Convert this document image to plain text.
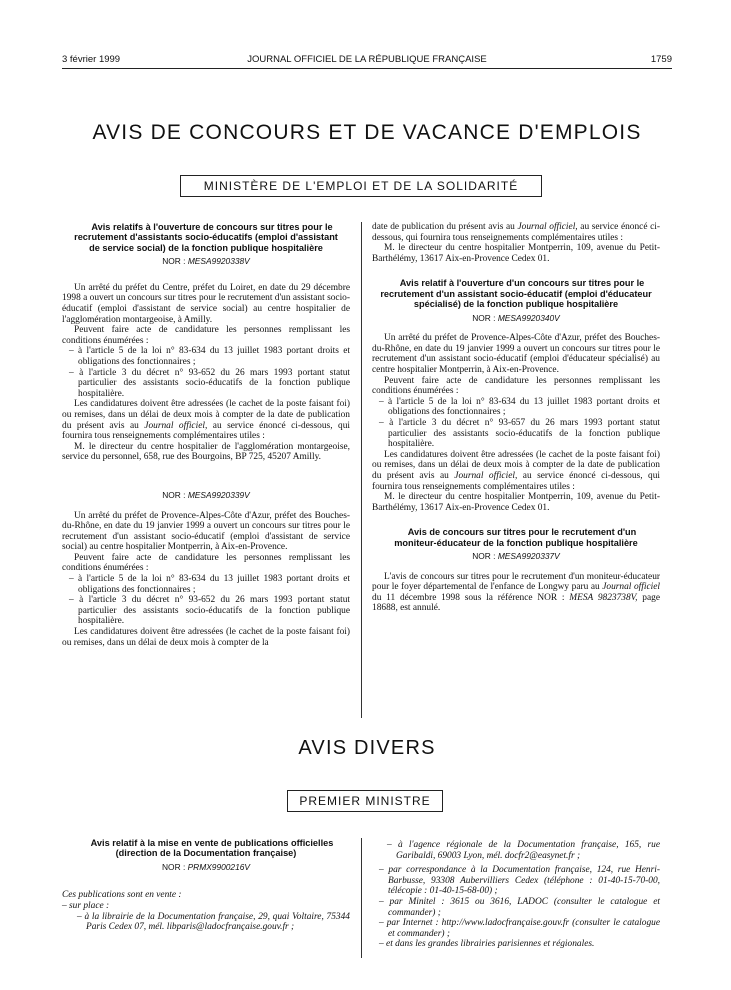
3 février 1999	JOURNAL OFFICIEL DE LA RÉPUBLIQUE FRANÇAISE	1759
AVIS DE CONCOURS ET DE VACANCE D'EMPLOIS
MINISTÈRE DE L'EMPLOI ET DE LA SOLIDARITÉ

Avis relatifs à l'ouverture de concours sur titres pour le recrutement d'assistants socio-éducatifs (emploi d'assistant de service social) de la fonction publique hospitalière

NOR : MESA9920338V

Un arrêté du préfet du Centre, préfet du Loiret, en date du 29 décembre 1998 a ouvert un concours sur titres pour le recrutement d'un assistant socio-éducatif (emploi d'assistant de service social) au centre hospitalier de l'agglomération montargeoise, à Amilly.

Peuvent faire acte de candidature les personnes remplissant les conditions énumérées :

– à l'article 5 de la loi n° 83-634 du 13 juillet 1983 portant droits et obligations des fonctionnaires ;

– à l'article 3 du décret n° 93-652 du 26 mars 1993 portant statut particulier des assistants socio-éducatifs de la fonction publique hospitalière.

Les candidatures doivent être adressées (le cachet de la poste faisant foi) ou remises, dans un délai de deux mois à compter de la date de publication du présent avis au Journal officiel, au service énoncé ci-dessous, qui fournira tous renseignements complémentaires utiles :

M. le directeur du centre hospitalier de l'agglomération montargeoise, service du personnel, 658, rue des Bourgoins, BP 725, 45207 Amilly.

NOR : MESA9920339V

Un arrêté du préfet de Provence-Alpes-Côte d'Azur, préfet des Bouches-du-Rhône, en date du 19 janvier 1999 a ouvert un concours sur titres pour le recrutement d'un assistant socio-éducatif (emploi d'assistant de service social) au centre hospitalier Montperrin, à Aix-en-Provence.

Peuvent faire acte de candidature les personnes remplissant les conditions énumérées :

– à l'article 5 de la loi n° 83-634 du 13 juillet 1983 portant droits et obligations des fonctionnaires ;

– à l'article 3 du décret n° 93-652 du 26 mars 1993 portant statut particulier des assistants socio-éducatifs de la fonction publique hospitalière.

Les candidatures doivent être adressées (le cachet de la poste faisant foi) ou remises, dans un délai de deux mois à compter de la

date de publication du présent avis au Journal officiel, au service énoncé ci-dessous, qui fournira tous renseignements complémentaires utiles :

M. le directeur du centre hospitalier Montperrin, 109, avenue du Petit-Barthélémy, 13617 Aix-en-Provence Cedex 01.

Avis relatif à l'ouverture d'un concours sur titres pour le recrutement d'un assistant socio-éducatif (emploi d'éducateur spécialisé) de la fonction publique hospitalière

NOR : MESA9920340V

Un arrêté du préfet de Provence-Alpes-Côte d'Azur, préfet des Bouches-du-Rhône, en date du 19 janvier 1999 a ouvert un concours sur titres pour le recrutement d'un assistant socio-éducatif (emploi d'éducateur spécialisé) au centre hospitalier Montperrin, à Aix-en-Provence.

Peuvent faire acte de candidature les personnes remplissant les conditions énumérées :

– à l'article 5 de la loi n° 83-634 du 13 juillet 1983 portant droits et obligations des fonctionnaires ;

– à l'article 3 du décret n° 93-657 du 26 mars 1993 portant statut particulier des assistants socio-éducatifs de la fonction publique hospitalière.

Les candidatures doivent être adressées (le cachet de la poste faisant foi) ou remises, dans un délai de deux mois à compter de la date de publication du présent avis au Journal officiel, au service énoncé ci-dessous, qui fournira tous renseignements complémentaires utiles :

M. le directeur du centre hospitalier Montperrin, 109, avenue du Petit-Barthélémy, 13617 Aix-en-Provence Cedex 01.

Avis de concours sur titres pour le recrutement d'un moniteur-éducateur de la fonction publique hospitalière

NOR : MESA9920337V

L'avis de concours sur titres pour le recrutement d'un moniteur-éducateur pour le foyer départemental de l'enfance de Longwy paru au Journal officiel du 11 décembre 1998 sous la référence NOR : MESA 9823738V, page 18688, est annulé.

AVIS DIVERS
PREMIER MINISTRE

Avis relatif à la mise en vente de publications officielles (direction de la Documentation française)

NOR : PRMX9900216V

Ces publications sont en vente :

– sur place :

– à la librairie de la Documentation française, 29, quai Voltaire, 75344 Paris Cedex 07, mél. libparis@ladocfrançaise.gouv.fr ;

– à l'agence régionale de la Documentation française, 165, rue Garibaldi, 69003 Lyon, mél. docfr2@easynet.fr ;

– par correspondance à la Documentation française, 124, rue Henri-Barbusse, 93308 Aubervilliers Cedex (téléphone : 01-40-15-70-00, télécopie : 01-40-15-68-00) ;

– par Minitel : 3615 ou 3616, LADOC (consulter le catalogue et commander) ;

– par Internet : http://www.ladocfrançaise.gouv.fr (consulter le catalogue et commander) ;

– et dans les grandes librairies parisiennes et régionales.
